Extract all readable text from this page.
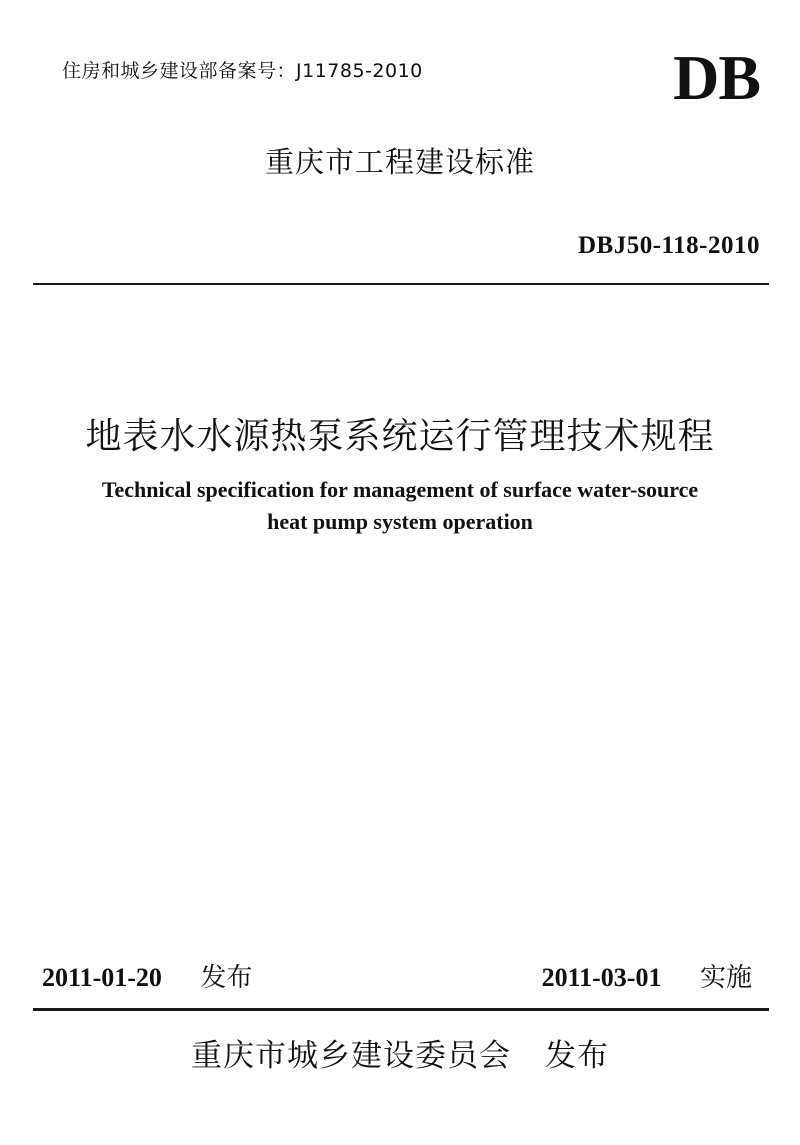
住房和城乡建设部备案号：J11785-2010	DB
重庆市工程建设标准
DBJ50-118-2010
地表水水源热泵系统运行管理技术规程
Technical specification for management of surface water-source
heat pump system operation
2011-01-20 发布	2011-03-01 实施
重庆市城乡建设委员会 发布
